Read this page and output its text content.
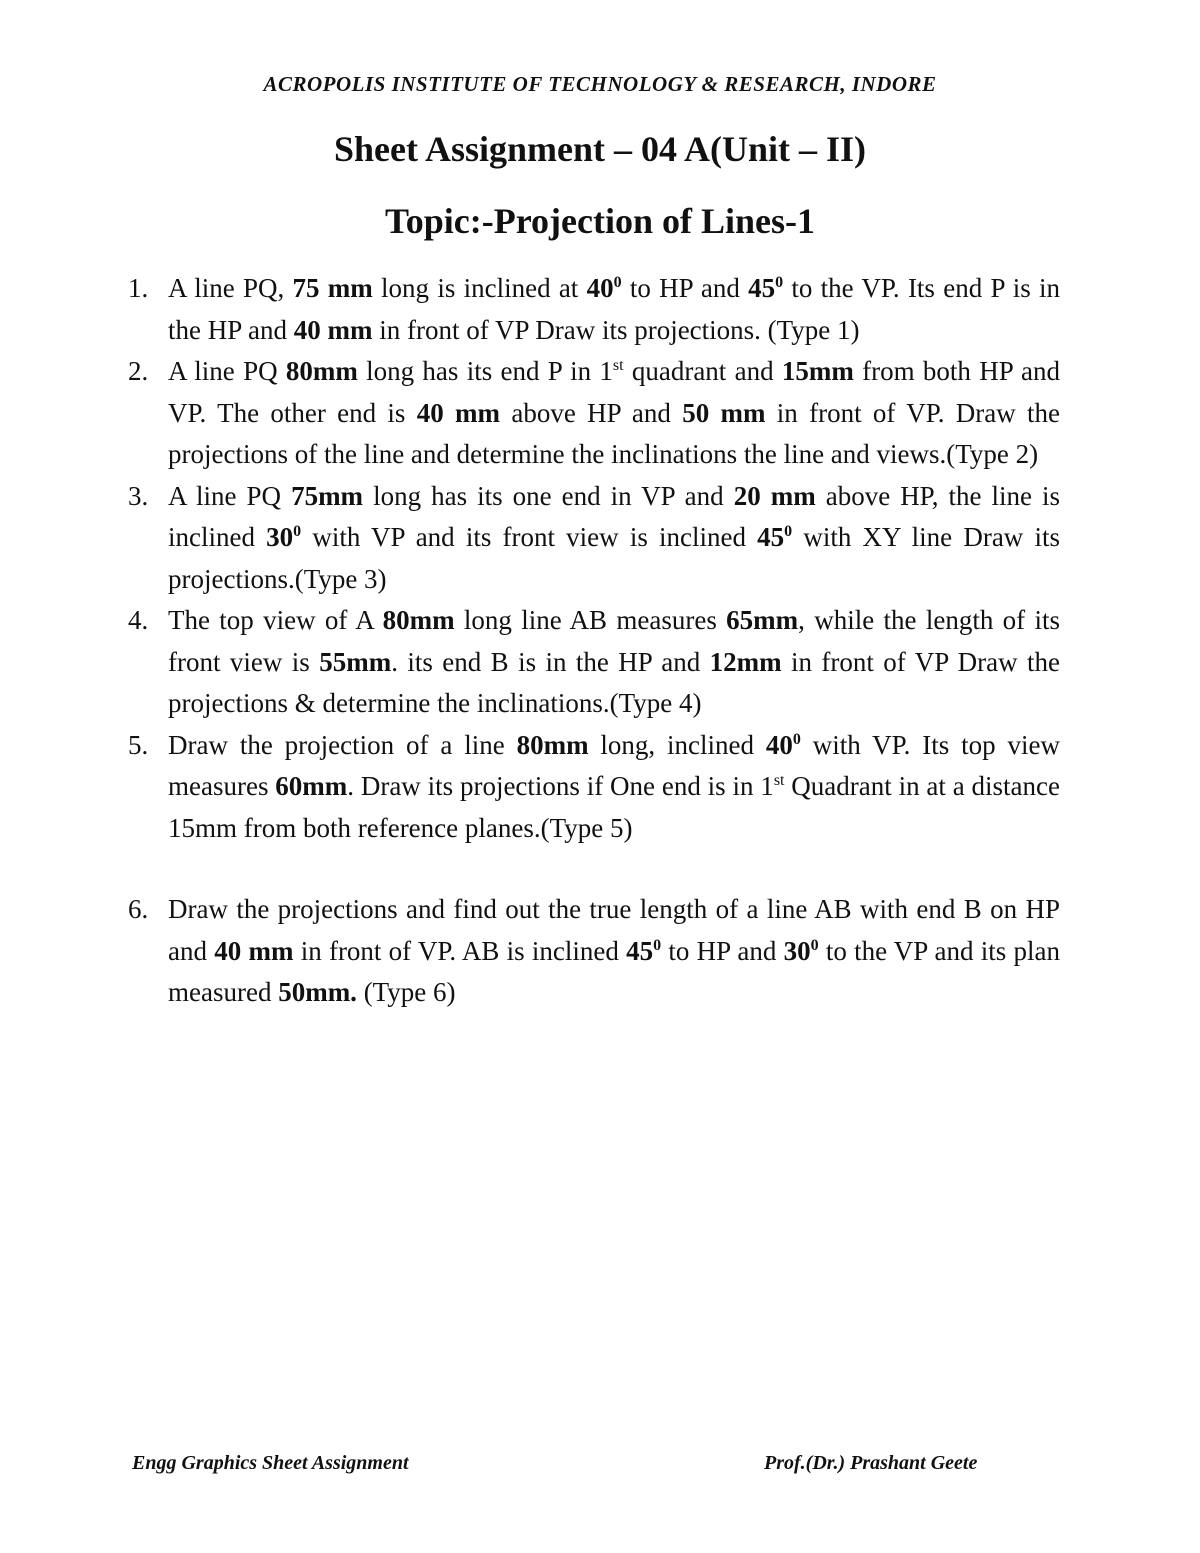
ACROPOLIS INSTITUTE OF TECHNOLOGY & RESEARCH, INDORE
Sheet Assignment – 04 A(Unit – II)
Topic:-Projection of Lines-1
1. A line PQ, 75 mm long is inclined at $40^0$ to HP and $45^0$ to the VP. Its end P is in the HP and 40 mm in front of VP Draw its projections. (Type 1)
2. A line PQ 80mm long has its end P in 1st quadrant and 15mm from both HP and VP. The other end is 40 mm above HP and 50 mm in front of VP. Draw the projections of the line and determine the inclinations the line and views.(Type 2)
3. A line PQ 75mm long has its one end in VP and 20 mm above HP, the line is inclined $30^0$ with VP and its front view is inclined $45^0$ with XY line Draw its projections.(Type 3)
4. The top view of A 80mm long line AB measures 65mm, while the length of its front view is 55mm. its end B is in the HP and 12mm in front of VP Draw the projections & determine the inclinations.(Type 4)
5. Draw the projection of a line 80mm long, inclined $40^0$ with VP. Its top view measures 60mm. Draw its projections if One end is in 1st Quadrant in at a distance 15mm from both reference planes.(Type 5)
6. Draw the projections and find out the true length of a line AB with end B on HP and 40 mm in front of VP. AB is inclined $45^0$ to HP and $30^0$ to the VP and its plan measured 50mm. (Type 6)
Engg Graphics Sheet Assignment	Prof.(Dr.) Prashant Geete
